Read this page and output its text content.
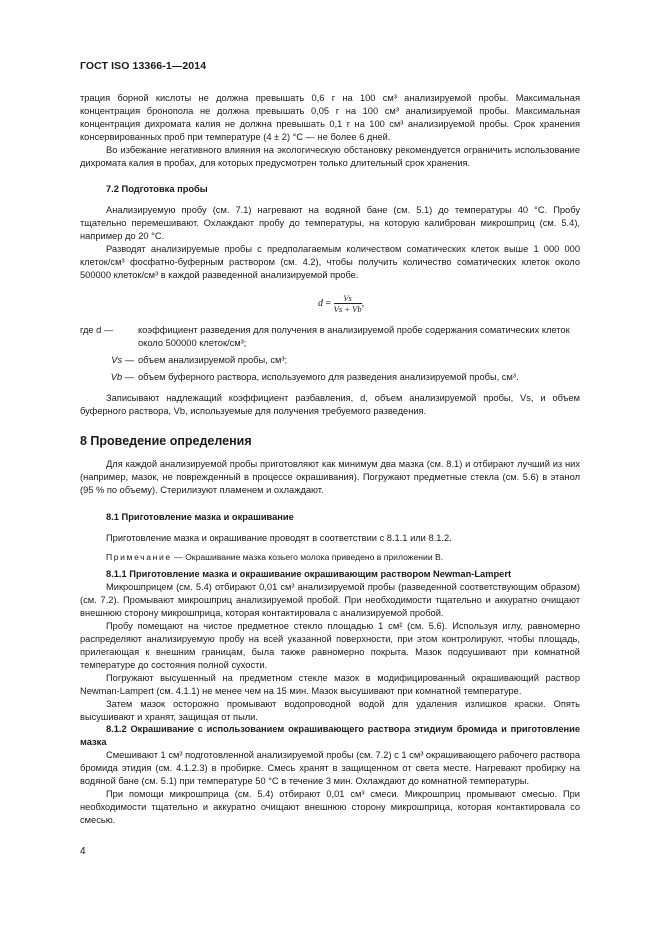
ГОСТ ISO 13366-1—2014

трация борной кислоты не должна превышать 0,6 г на 100 см³ анализируемой пробы. Максимальная концентрация бронопола не должна превышать 0,05 г на 100 см³ анализируемой пробы. Максимальная концентрация дихромата калия не должна превышать 0,1 г на 100 см³ анализируемой пробы. Срок хранения консервированных проб при температуре (4 ± 2) °С — не более 6 дней.

Во избежание негативного влияния на экологическую обстановку рекомендуется ограничить использование дихромата калия в пробах, для которых предусмотрен только длительный срок хранения.

7.2 Подготовка пробы

Анализируемую пробу (см. 7.1) нагревают на водяной бане (см. 5.1) до температуры 40 °С. Пробу тщательно перемешивают. Охлаждают пробу до температуры, на которую калиброван микрошприц (см. 5.4), например до 20 °С.

Разводят анализируемые пробы с предполагаемым количеством соматических клеток выше 1 000 000 клеток/см³ фосфатно-буферным раствором (см. 4.2), чтобы получить количество соматических клеток около 500000 клеток/см³ в каждой разведенной анализируемой пробе.

$d = \frac{Vs}{Vs + Vb}$ ,
где d —	коэффициент разведения для получения в анализируемой пробе содержания соматических клеток около 500000 клеток/см³;
Vs — объем анализируемой пробы, см³;
Vb — объем буферного раствора, используемого для разведения анализируемой пробы, см³.

Записывают надлежащий коэффициент разбавления, d, объем анализируемой пробы, Vs, и объем буферного раствора, Vb, используемые для получения требуемого разведения.

8 Проведение определения

Для каждой анализируемой пробы приготовляют как минимум два мазка (см. 8.1) и отбирают лучший из них (например, мазок, не поврежденный в процессе окрашивания). Погружают предметные стекла (см. 5.6) в этанол (95 % по объему). Стерилизуют пламенем и охлаждают.

8.1 Приготовление мазка и окрашивание

Приготовление мазка и окрашивание проводят в соответствии с 8.1.1 или 8.1.2.

Примечание — Окрашивание мазка козьего молока приведено в приложении В.

8.1.1 Приготовление мазка и окрашивание окрашивающим раствором Newman-Lampert

Микрошприцем (см. 5.4) отбирают 0,01 см³ анализируемой пробы (разведенной соответствующим образом) (см. 7.2). Промывают микрошприц анализируемой пробой. При необходимости тщательно и аккуратно очищают внешнюю сторону микрошприца, которая контактировала с анализируемой пробой.

Пробу помещают на чистое предметное стекло площадью 1 см² (см. 5.6). Используя иглу, равномерно распределяют анализируемую пробу на всей указанной поверхности, при этом контролируют, чтобы площадь, прилегающая к внешним границам, была также равномерно покрыта. Мазок подсушивают при комнатной температуре до состояния полной сухости.

Погружают высушенный на предметном стекле мазок в модифицированный окрашивающий раствор Newman-Lampert (см. 4.1.1) не менее чем на 15 мин. Мазок высушивают при комнатной температуре.

Затем мазок осторожно промывают водопроводной водой для удаления излишков краски. Опять высушивают и хранят, защищая от пыли.

8.1.2 Окрашивание с использованием окрашивающего раствора этидиум бромида и приготовление мазка

Смешивают 1 см³ подготовленной анализируемой пробы (см. 7.2) с 1 см³ окрашивающего рабочего раствора бромида этидия (см. 4.1.2.3) в пробирке. Смесь хранят в защищенном от света месте. Нагревают пробирку на водяной бане (см. 5.1) при температуре 50 °С в течение 3 мин. Охлаждают до комнатной температуры.

При помощи микрошприца (см. 5.4) отбирают 0,01 см³ смеси. Микрошприц промывают смесью. При необходимости тщательно и аккуратно очищают внешнюю сторону микрошприца, которая контактировала со смесью.

4
